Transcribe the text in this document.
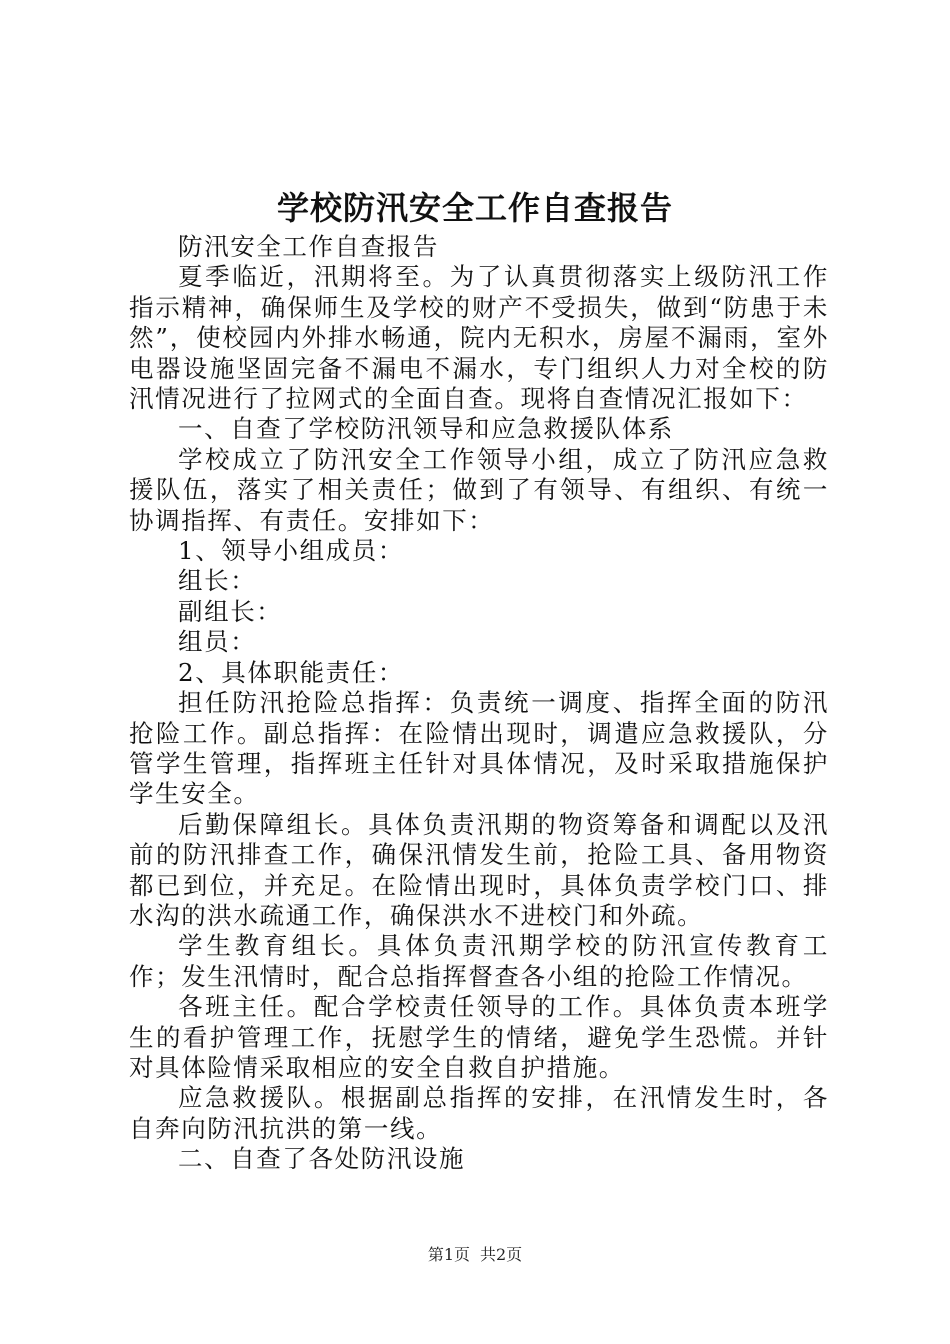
学校防汛安全工作自查报告

防汛安全工作自查报告

夏季临近，汛期将至。为了认真贯彻落实上级防汛工作指示精神，确保师生及学校的财产不受损失，做到“防患于未然”，使校园内外排水畅通，院内无积水，房屋不漏雨，室外电器设施坚固完备不漏电不漏水，专门组织人力对全校的防汛情况进行了拉网式的全面自查。现将自查情况汇报如下：

一、自查了学校防汛领导和应急救援队体系

学校成立了防汛安全工作领导小组，成立了防汛应急救援队伍，落实了相关责任；做到了有领导、有组织、有统一协调指挥、有责任。安排如下：

1、领导小组成员：

组长：

副组长：

组员：

2、具体职能责任：

担任防汛抢险总指挥：负责统一调度、指挥全面的防汛抢险工作。副总指挥：在险情出现时，调遣应急救援队，分管学生管理，指挥班主任针对具体情况，及时采取措施保护学生安全。

后勤保障组长。具体负责汛期的物资筹备和调配以及汛前的防汛排查工作，确保汛情发生前，抢险工具、备用物资都已到位，并充足。在险情出现时，具体负责学校门口、排水沟的洪水疏通工作，确保洪水不进校门和外疏。

学生教育组长。具体负责汛期学校的防汛宣传教育工作；发生汛情时，配合总指挥督查各小组的抢险工作情况。

各班主任。配合学校责任领导的工作。具体负责本班学生的看护管理工作，抚慰学生的情绪，避免学生恐慌。并针对具体险情采取相应的安全自救自护措施。

应急救援队。根据副总指挥的安排，在汛情发生时，各自奔向防汛抗洪的第一线。

二、自查了各处防汛设施

第1页 共2页
